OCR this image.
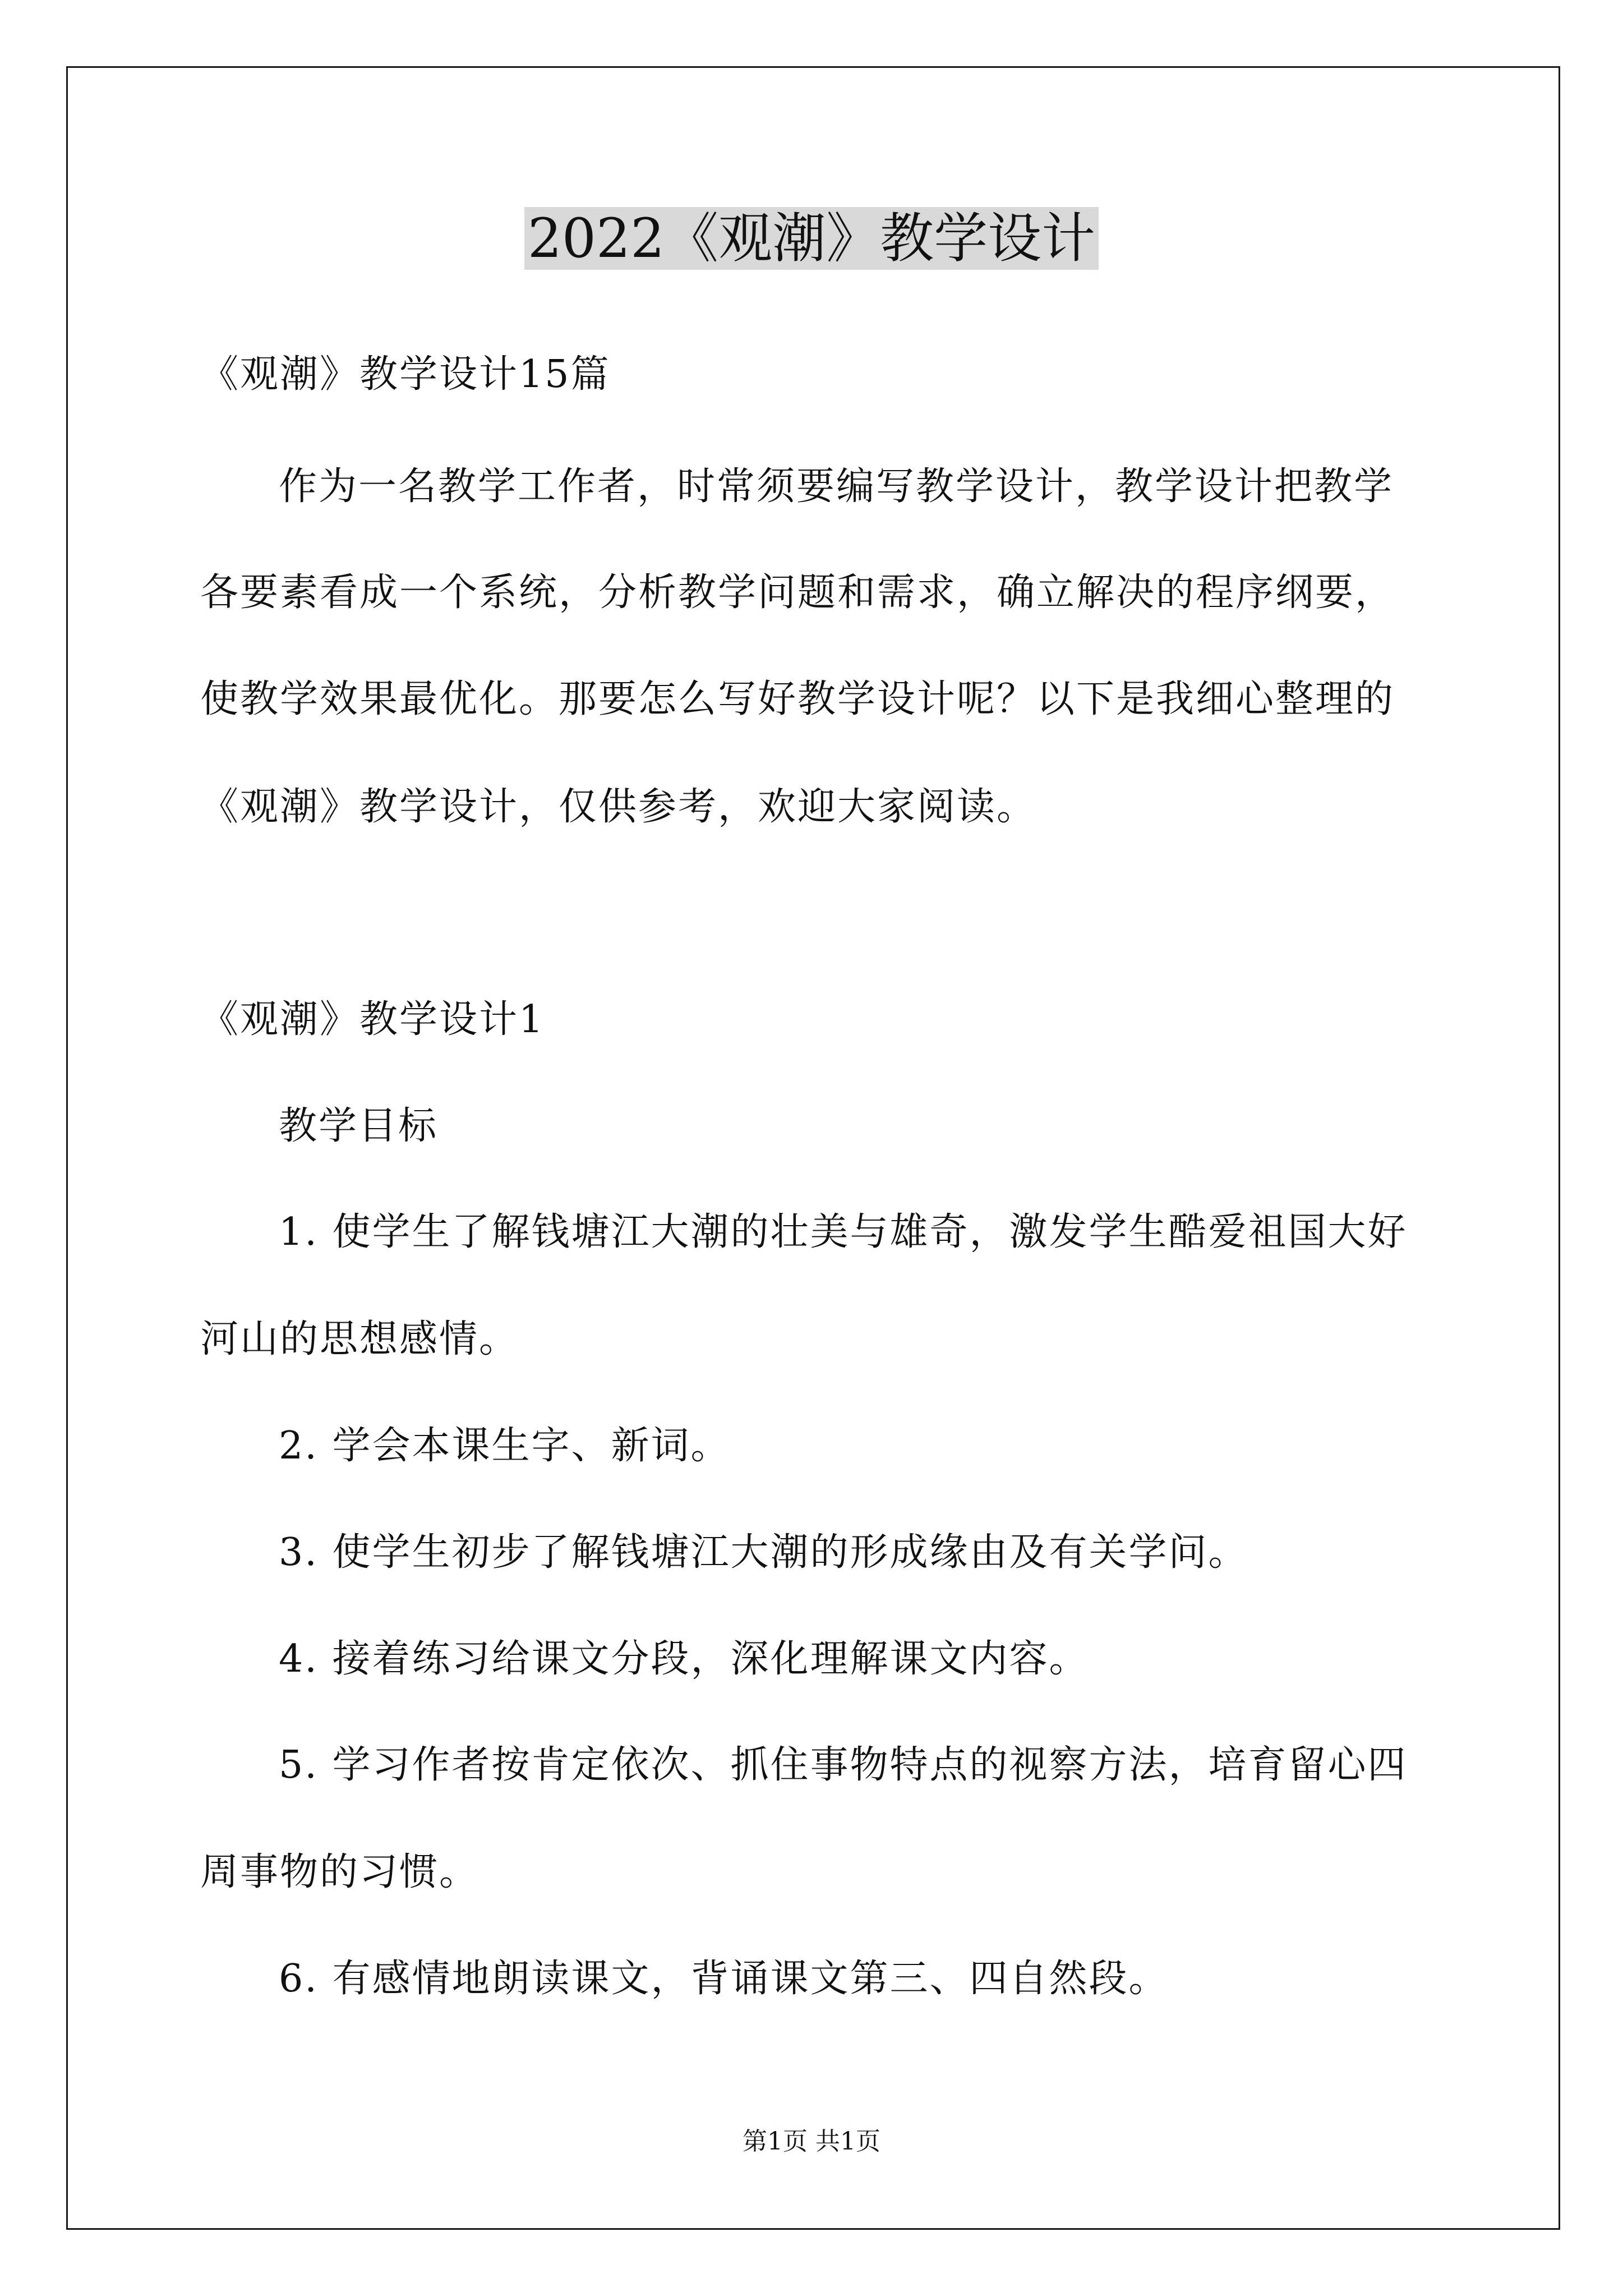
2022《观潮》教学设计
《观潮》教学设计15篇
作为一名教学工作者，时常须要编写教学设计，教学设计把教学
各要素看成一个系统，分析教学问题和需求，确立解决的程序纲要，
使教学效果最优化。那要怎么写好教学设计呢？以下是我细心整理的
《观潮》教学设计，仅供参考，欢迎大家阅读。
《观潮》教学设计1
教学目标
1. 使学生了解钱塘江大潮的壮美与雄奇，激发学生酷爱祖国大好
河山的思想感情。
2. 学会本课生字、新词。
3. 使学生初步了解钱塘江大潮的形成缘由及有关学问。
4. 接着练习给课文分段，深化理解课文内容。
5. 学习作者按肯定依次、抓住事物特点的视察方法，培育留心四
周事物的习惯。
6. 有感情地朗读课文，背诵课文第三、四自然段。
第1页 共1页
